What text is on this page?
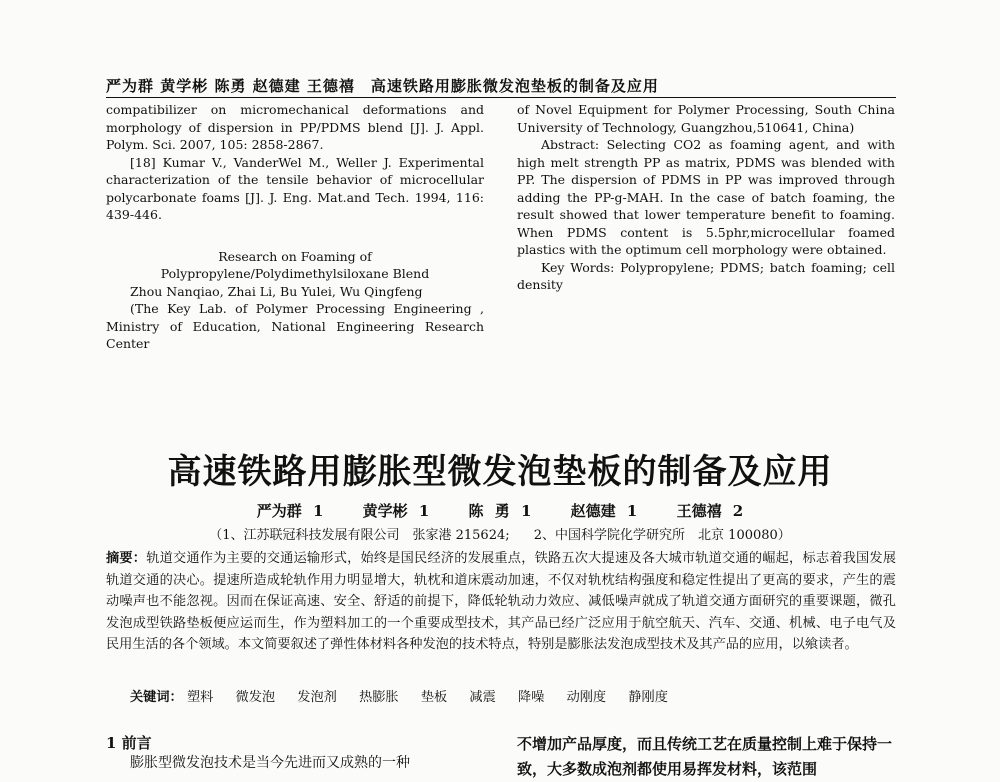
严为群 黄学彬 陈勇 赵德建 王德禧　高速铁路用膨胀微发泡垫板的制备及应用

compatibilizer on micromechanical deformations and morphology of dispersion in PP/PDMS blend [J]. J. Appl. Polym. Sci. 2007, 105: 2858-2867.

[18] Kumar V., VanderWel M., Weller J. Experimental characterization of the tensile behavior of microcellular polycarbonate foams [J]. J. Eng. Mat.and Tech. 1994, 116: 439-446.

Research on Foaming of

Polypropylene/Polydimethylsiloxane Blend

Zhou Nanqiao, Zhai Li, Bu Yulei, Wu Qingfeng

(The Key Lab. of Polymer Processing Engineering , Ministry of Education, National Engineering Research Center

of Novel Equipment for Polymer Processing, South China University of Technology, Guangzhou,510641, China)

Abstract: Selecting CO2 as foaming agent, and with high melt strength PP as matrix, PDMS was blended with PP. The dispersion of PDMS in PP was improved through adding the PP-g-MAH. In the case of batch foaming, the result showed that lower temperature benefit to foaming. When PDMS content is 5.5phr,microcellular foamed plastics with the optimum cell morphology were obtained.

Key Words: Polypropylene; PDMS; batch foaming; cell density

高速铁路用膨胀型微发泡垫板的制备及应用
严为群 1	黄学彬 1	陈 勇 1	赵德建 1	王德禧 2
（1、江苏联冠科技发展有限公司　张家港 215624; 2、中国科学院化学研究所　北京 100080）
摘要：轨道交通作为主要的交通运输形式，始终是国民经济的发展重点，铁路五次大提速及各大城市轨道交通的崛起，标志着我国发展轨道交通的决心。提速所造成轮轨作用力明显增大，轨枕和道床震动加速，不仅对轨枕结构强度和稳定性提出了更高的要求，产生的震动噪声也不能忽视。因而在保证高速、安全、舒适的前提下，降低轮轨动力效应、减低噪声就成了轨道交通方面研究的重要课题，微孔发泡成型铁路垫板便应运而生，作为塑料加工的一个重要成型技术，其产品已经广泛应用于航空航天、汽车、交通、机械、电子电气及民用生活的各个领域。本文简要叙述了弹性体材料各种发泡的技术特点，特别是膨胀法发泡成型技术及其产品的应用，以飨读者。
关键词： 塑料 微发泡 发泡剂 热膨胀 垫板 减震 降噪 动刚度 静刚度
1 前言
膨胀型微发泡技术是当今先进而又成熟的一种
不增加产品厚度，而且传统工艺在质量控制上难于保持一致，大多数成泡剂都使用易挥发材料，该范围
